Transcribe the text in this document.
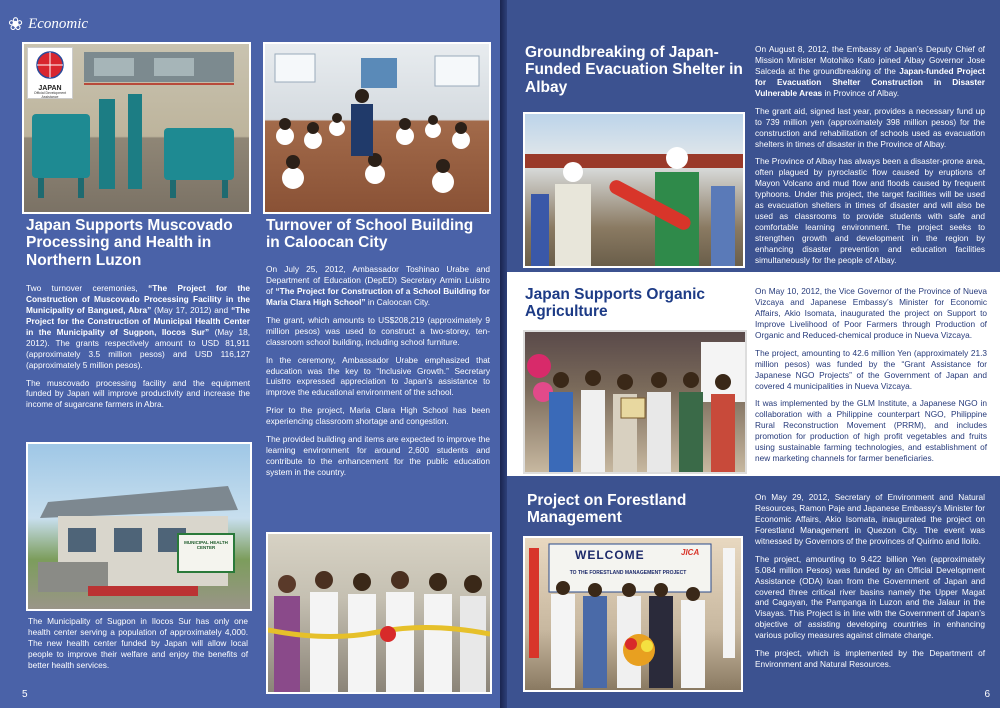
❀ Economic
JAPAN
Official Development Assistance
Japan Supports Muscovado Processing and Health in Northern Luzon

Two turnover ceremonies, “The Project for the Construction of Muscovado Processing Facility in the Municipality of Bangued, Abra” (May 17, 2012) and “The Project for the Construction of Municipal Health Center in the Municipality of Sugpon, Ilocos Sur” (May 18, 2012). The grants respectively amount to USD 81,911 (approximately 3.5 million pesos) and USD 116,127 (approximately 5 million pesos).

The muscovado processing facility and the equipment funded by Japan will improve productivity and increase the income of sugarcane farmers in Abra.

MUNICIPAL HEALTH CENTER

The Municipality of Sugpon in Ilocos Sur has only one health center serving a population of approximately 4,000. The new health center funded by Japan will allow local people to improve their welfare and enjoy the benefits of better health services.

Turnover of School Building in Caloocan City

On July 25, 2012, Ambassador Toshinao Urabe and Department of Education (DepED) Secretary Armin Luistro of “The Project for Construction of a School Building for Maria Clara High School” in Caloocan City.

The grant, which amounts to US$208,219 (approximately 9 million pesos) was used to construct a two-storey, ten-classroom school building, including school furniture.

In the ceremony, Ambassador Urabe emphasized that education was the key to “Inclusive Growth.” Secretary Luistro expressed appreciation to Japan’s assistance to improve the educational environment of the school.

Prior to the project, Maria Clara High School has been experiencing classroom shortage and congestion.

The provided building and items are expected to improve the learning environment for around 2,600 students and contribute to the enhancement for the public education system in the country.

5
Groundbreaking of Japan-Funded Evacuation Shelter in Albay

On August 8, 2012, the Embassy of Japan’s Deputy Chief of Mission Minister Motohiko Kato joined Albay Governor Jose Salceda at the groundbreaking of the Japan-funded Project for Evacuation Shelter Construction in Disaster Vulnerable Areas in Province of Albay.

The grant aid, signed last year, provides a necessary fund up to 739 million yen (approximately 398 million pesos) for the construction and rehabilitation of schools used as evacuation shelters in times of disaster in the Province of Albay.

The Province of Albay has always been a disaster-prone area, often plagued by pyroclastic flow caused by eruptions of Mayon Volcano and mud flow and floods caused by frequent typhoons. Under this project, the target facilities will be used as evacuation shelters in times of disaster and will also be used as classrooms to provide students with safe and comfortable learning environment. The project seeks to strengthen growth and development in the region by enhancing disaster prevention and education facilities simultaneously for the people of Albay.

Japan Supports Organic Agriculture

On May 10, 2012, the Vice Governor of the Province of Nueva Vizcaya and Japanese Embassy’s Minister for Economic Affairs, Akio Isomata, inaugurated the project on Support to Improve Livelihood of Poor Farmers through Production of Organic and Reduced-chemical produce in Nueva Vizcaya.

The project, amounting to 42.6 million Yen (approximately 21.3 million pesos) was funded by the “Grant Assistance for Japanese NGO Projects” of the Government of Japan and covered 4 municipalities in Nueva Vizcaya.

It was implemented by the GLM Institute, a Japanese NGO in collaboration with a Philippine counterpart NGO, Philippine Rural Reconstruction Movement (PRRM), and includes promotion for production of high profit vegetables and fruits using sustainable farming technologies, and establishment of new marketing channels for farmer beneficiaries.

Project on Forestland Management
WELCOME
TO THE FORESTLAND MANAGEMENT PROJECT
JICA

On May 29, 2012, Secretary of Environment and Natural Resources, Ramon Paje and Japanese Embassy’s Minister for Economic Affairs, Akio Isomata, inaugurated the project on Forestland Management in Quezon City. The event was witnessed by Governors of the provinces of Quirino and Iloilo.

The project, amounting to 9.422 billion Yen (approximately 5.084 million Pesos) was funded by an Official Development Assistance (ODA) loan from the Government of Japan and covered three critical river basins namely the Upper Magat and Cagayan, the Pampanga in Luzon and the Jalaur in the Visayas. This Project is in line with the Government of Japan’s objective of assisting developing countries in enhancing various policy measures against climate change.

The project, which is implemented by the Department of Environment and Natural Resources.

6
